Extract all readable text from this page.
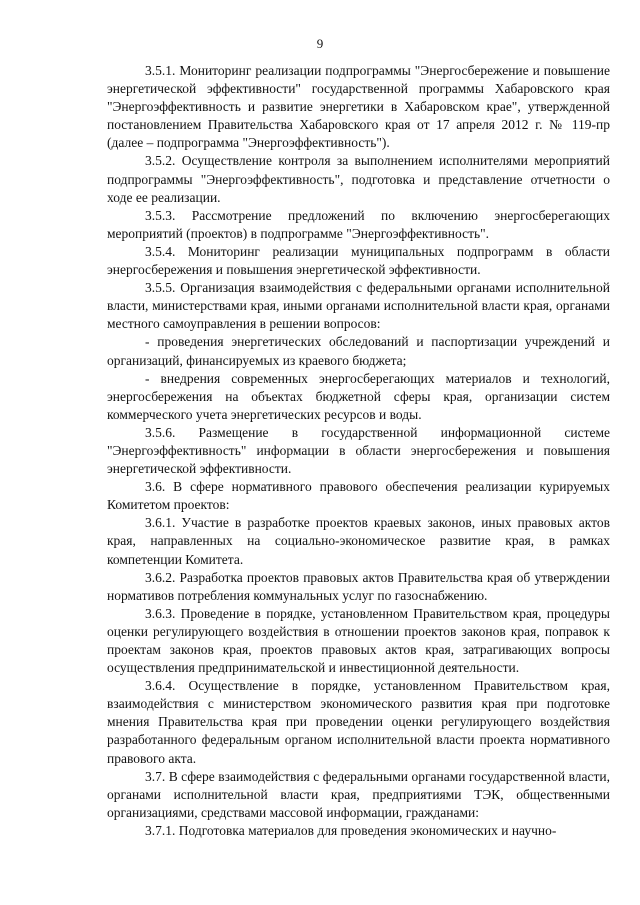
9

3.5.1. Мониторинг реализации подпрограммы "Энергосбережение и повышение энергетической эффективности" государственной программы Хабаровского края "Энергоэффективность и развитие энергетики в Хабаровском крае", утвержденной постановлением Правительства Хабаровского края от 17 апреля 2012 г. № 119-пр (далее – подпрограмма "Энергоэффективность").

3.5.2. Осуществление контроля за выполнением исполнителями мероприятий подпрограммы "Энергоэффективность", подготовка и представление отчетности о ходе ее реализации.

3.5.3. Рассмотрение предложений по включению энергосберегающих мероприятий (проектов) в подпрограмме "Энергоэффективность".

3.5.4. Мониторинг реализации муниципальных подпрограмм в области энергосбережения и повышения энергетической эффективности.

3.5.5. Организация взаимодействия с федеральными органами исполнительной власти, министерствами края, иными органами исполнительной власти края, органами местного самоуправления в решении вопросов:

- проведения энергетических обследований и паспортизации учреждений и организаций, финансируемых из краевого бюджета;

- внедрения современных энергосберегающих материалов и технологий, энергосбережения на объектах бюджетной сферы края, организации систем коммерческого учета энергетических ресурсов и воды.

3.5.6. Размещение в государственной информационной системе "Энергоэффективность" информации в области энергосбережения и повышения энергетической эффективности.

3.6. В сфере нормативного правового обеспечения реализации курируемых Комитетом проектов:

3.6.1. Участие в разработке проектов краевых законов, иных правовых актов края, направленных на социально-экономическое развитие края, в рамках компетенции Комитета.

3.6.2. Разработка проектов правовых актов Правительства края об утверждении нормативов потребления коммунальных услуг по газоснабжению.

3.6.3. Проведение в порядке, установленном Правительством края, процедуры оценки регулирующего воздействия в отношении проектов законов края, поправок к проектам законов края, проектов правовых актов края, затрагивающих вопросы осуществления предпринимательской и инвестиционной деятельности.

3.6.4. Осуществление в порядке, установленном Правительством края, взаимодействия с министерством экономического развития края при подготовке мнения Правительства края при проведении оценки регулирующего воздействия разработанного федеральным органом исполнительной власти проекта нормативного правового акта.

3.7. В сфере взаимодействия с федеральными органами государственной власти, органами исполнительной власти края, предприятиями ТЭК, общественными организациями, средствами массовой информации, гражданами:

3.7.1. Подготовка материалов для проведения экономических и научно-
